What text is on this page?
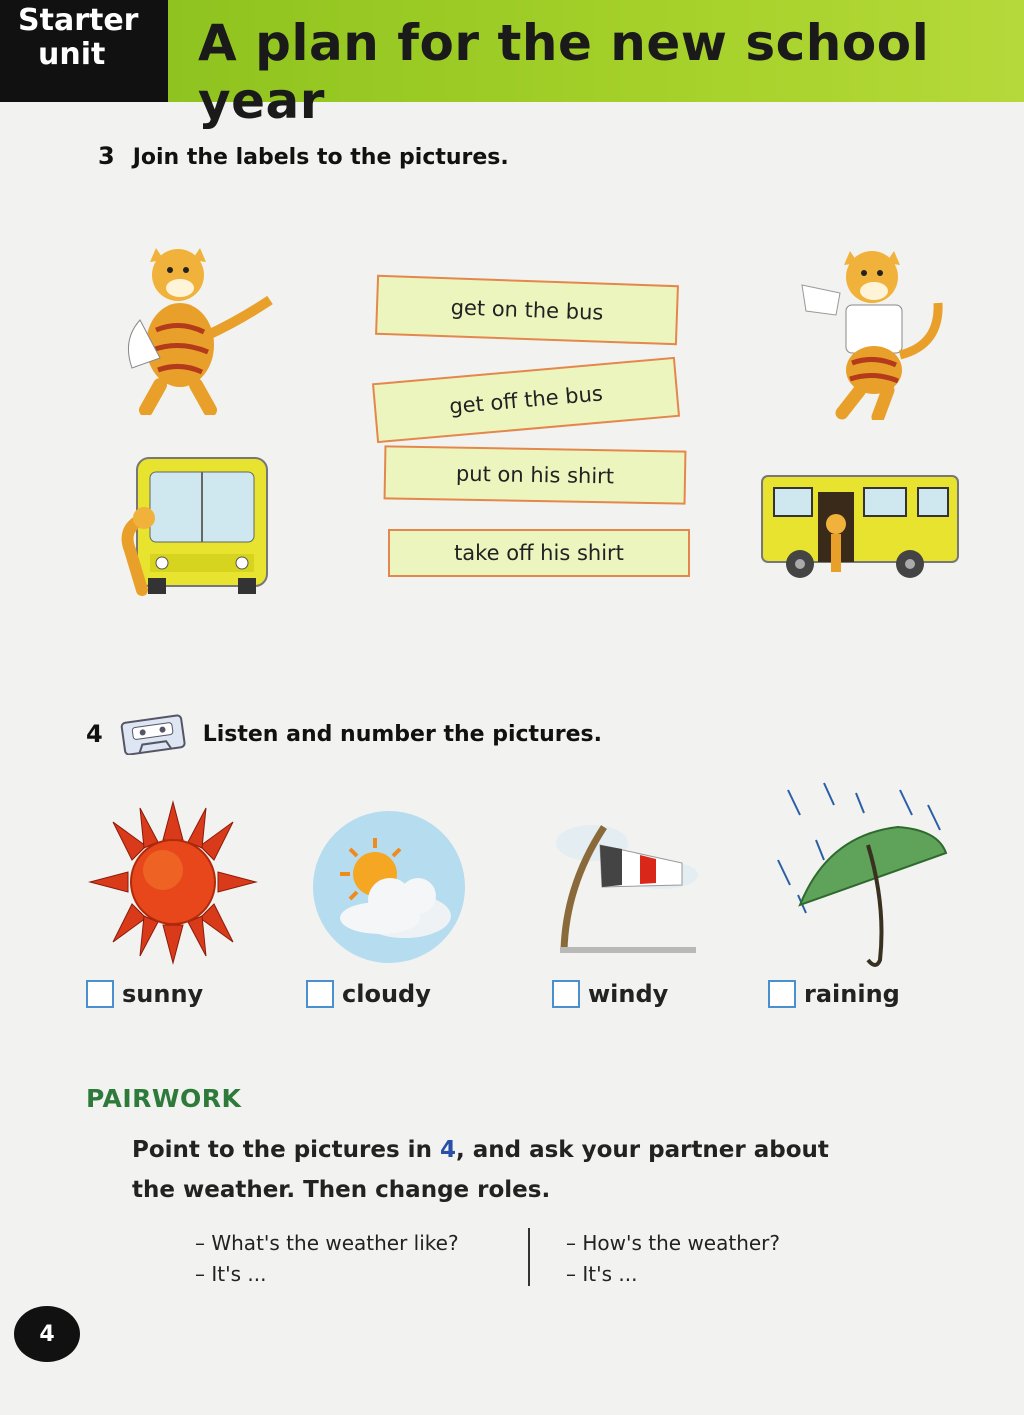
Starter
unit	A plan for the new school year
3 Join the labels to the pictures.
get on the bus
get off the bus
put on his shirt
take off his shirt
4	Listen and number the pictures.
sunny	cloudy	windy	raining
PAIRWORK
Point to the pictures in 4, and ask your partner about the weather. Then change roles.
– What's the weather like?
– It's ...
– How's the weather?
– It's ...
4
